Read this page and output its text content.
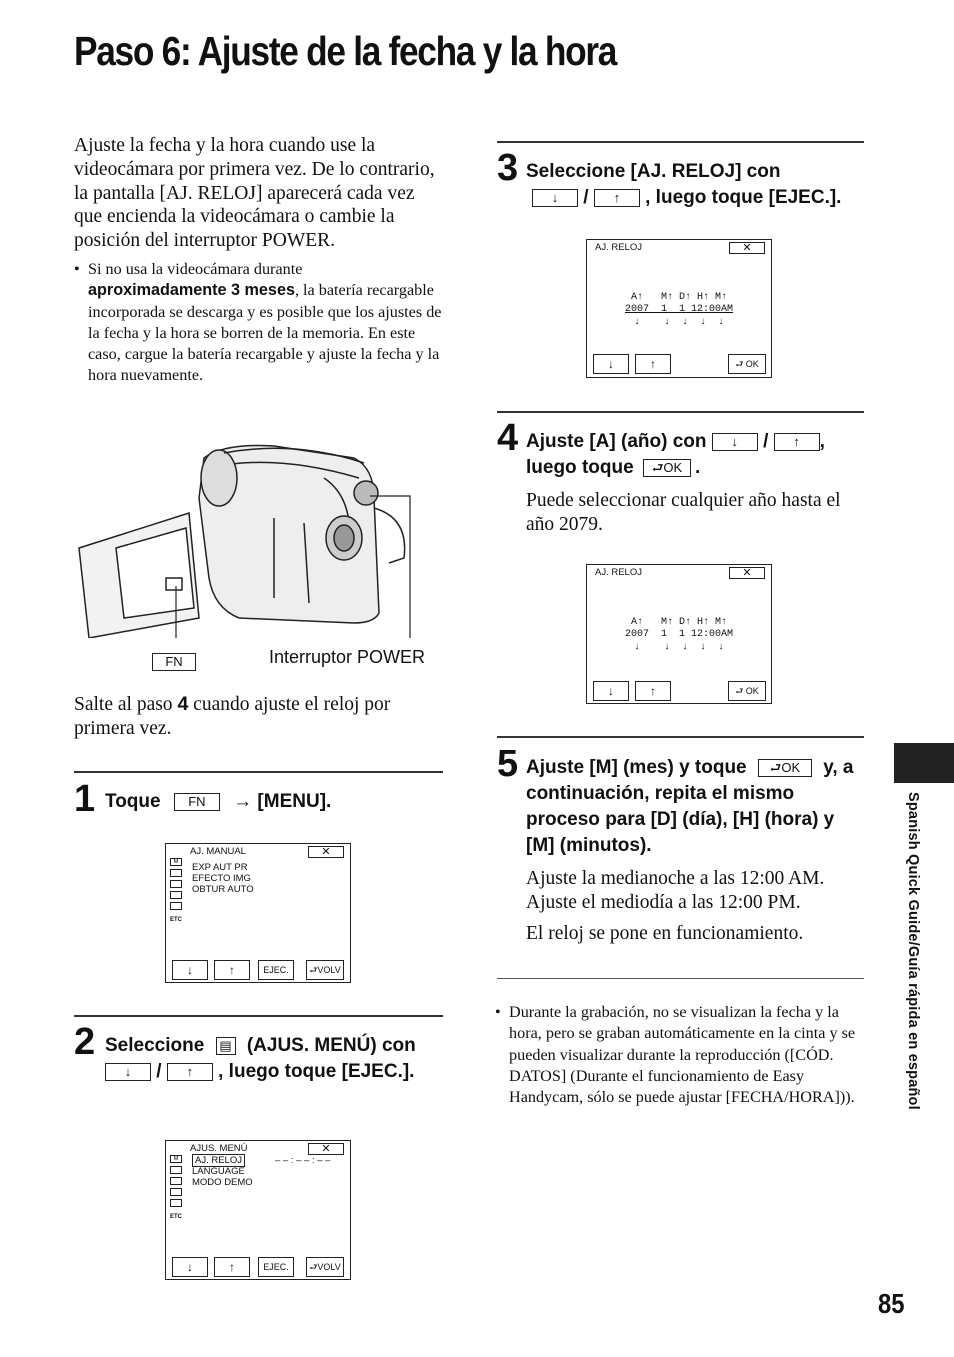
Paso 6: Ajuste de la fecha y la hora

Ajuste la fecha y la hora cuando use la videocámara por primera vez. De lo contrario, la pantalla [AJ. RELOJ] aparecerá cada vez que encienda la videocámara o cambie la posición del interruptor POWER.

• Si no usa la videocámara durante aproximadamente 3 meses, la batería recargable incorporada se descarga y es posible que los ajustes de la fecha y la hora se borren de la memoria. En este caso, cargue la batería recargable y ajuste la fecha y la hora nuevamente.
FN	Interruptor POWER
Salte al paso 4 cuando ajuste el reloj por primera vez.
1 Toque FN → [MENU].
AJ. MANUAL	✕
M
ETC
EXP AUT PR
EFECTO IMG
OBTUR AUTO
↓	↑	EJEC.	⮐VOLV
2 Seleccione ▤ (AJUS. MENÚ) con ↓ / ↑ , luego toque [EJEC.].
AJUS. MENÚ	✕
M
ETC
AJ. RELOJ	– – : – – : – –
LANGUAGE
MODO DEMO
↓	↑	EJEC.	⮐VOLV
3 Seleccione [AJ. RELOJ] con
↓ / ↑ , luego toque [EJEC.].
AJ. RELOJ	✕
A↑   M↑ D↑ H↑ M↑
2007  1  1 12:00AM
↓    ↓  ↓  ↓  ↓
↓	↑	⮐ OK
4 Ajuste [A] (año) con ↓ / ↑ ,
luego toque ⮐OK .
Puede seleccionar cualquier año hasta el año 2079.
AJ. RELOJ	✕
A↑   M↑ D↑ H↑ M↑
2007  1  1 12:00AM
↓    ↓  ↓  ↓  ↓
↓	↑	⮐ OK
5 Ajuste [M] (mes) y toque ⮐OK y, a continuación, repita el mismo proceso para [D] (día), [H] (hora) y [M] (minutos).
Ajuste la medianoche a las 12:00 AM. Ajuste el mediodía a las 12:00 PM.
El reloj se pone en funcionamiento.
• Durante la grabación, no se visualizan la fecha y la hora, pero se graban automáticamente en la cinta y se pueden visualizar durante la reproducción ([CÓD. DATOS] (Durante el funcionamiento de Easy Handycam, sólo se puede ajustar [FECHA/HORA])).	Spanish Quick Guide/Guía rápida en español
85
